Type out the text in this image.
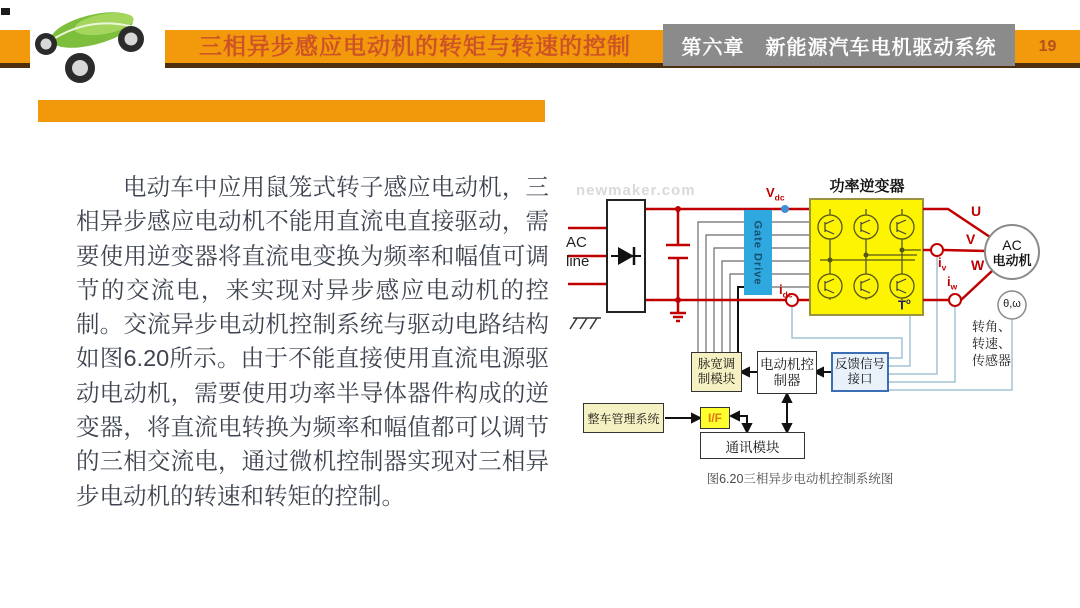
三相异步感应电动机的转矩与转速的控制	第六章　新能源汽车电机驱动系统	19
电动车中应用鼠笼式转子感应电动机，三相异步感应电动机不能用直流电直接驱动，需要使用逆变器将直流电变换为频率和幅值可调节的交流电，来实现对异步感应电动机的控制。交流异步电动机控制系统与驱动电路结构如图6.20所示。由于不能直接使用直流电源驱动电动机，需要使用功率半导体器件构成的逆变器，将直流电转换为频率和幅值都可以调节的三相交流电，通过微机控制器实现对三相异步电动机的转速和转矩的控制。
newmaker.com
AC
line
功率逆变器
Gate Drive
$V_{dc}$
$i_{dc}$
$i_v$
$i_w$
U
V
W
$T^o$
AC
电动机
θ,ω
转角、
转速、
传感器
脉宽调制模块
电动机控制器
反馈信号接口
整车管理系统	I/F
通讯模块
图6.20三相异步电动机控制系统图
